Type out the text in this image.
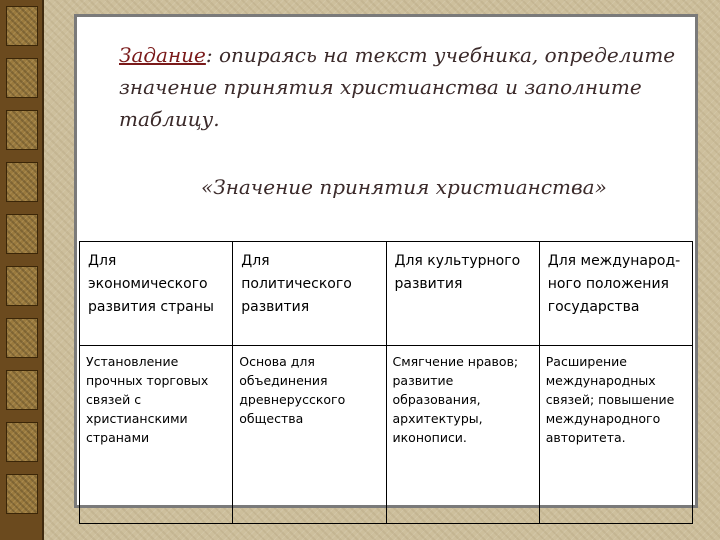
Задание: опираясь на текст учебника, определите значение принятия христианства и заполните таблицу.
«Значение принятия христианства»
Для экономического развития страны	Для политического развития	Для культурного развития	Для международ-ного положения государства
Установление прочных торговых связей с христианскими странами	Основа для объединения древнерусского общества	Смягчение нравов; развитие образования, архитектуры, иконописи.	Расширение международных связей; повышение международного авторитета.
